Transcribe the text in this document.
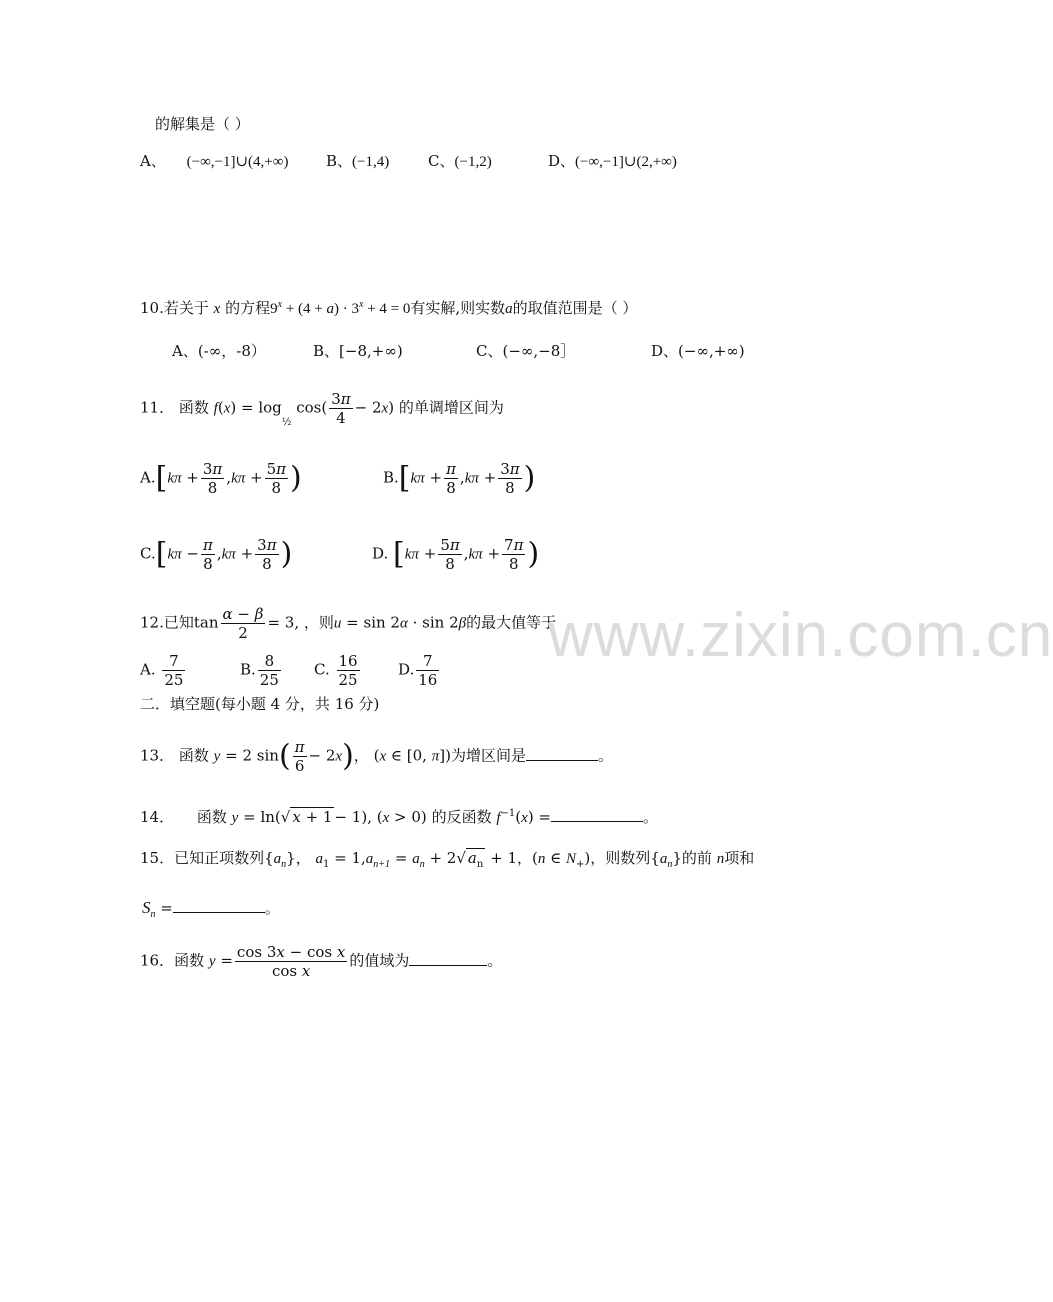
的解集是（ ）
A、 (−∞,−1]∪(4,+∞)	B、(−1,4)	C、(−1,2)	D、(−∞,−1]∪(2,+∞)
10.若关于 x 的方程$9^x + (4 + a) \cdot 3^x + 4 = 0$有实解,则实数a的取值范围是（ ）
A、(-∞，-8）	B、[−8,+∞)	C、(−∞,−8］	D、(−∞,+∞)
11． 函数 $f(x) = \log_{\frac{1}{2}} \cos( \frac{3\pi}{4} - 2x)$ 的单调增区间为
$A.[k\pi + \frac{3\pi}{8} ,k\pi + \frac{5\pi}{8}$ )	$B.[k\pi + \frac{\pi}{8} ,k\pi + \frac{3\pi}{8}$ )
$C.[k\pi - \frac{\pi}{8} ,k\pi + \frac{3\pi}{8}$ )	D. [$k\pi + \frac{5\pi}{8} ,k\pi + \frac{7\pi}{8}$ )
12.已知$\tan \frac{\alpha - \beta}{2} = 3$, ，则u = sin 2α · sin 2β的最大值等于
A. $\frac{7}{25}$	B. $\frac{8}{25} C$. $\frac{16}{25}$	D. $\frac{7}{16}$
二．填空题(每小题 4 分，共 16 分)
13． 函数 y = 2 $\sin( \frac{\pi}{6} - 2x)$， (x ∈ [0, π])为增区间是	。
14． 函数 y = ln(√ x + 1 − 1), (x > 0) 的反函数 $f^{-1}(x)$ =	。
15．已知正项数列$\{a_n\}$， $a_1 = 1,a_{n+1} = a_n + 2√$ $a_n + 1$，(n ∈ $N_+$)，则数列$\{a_n\}$的前 n项和
$S_n$ =	。
16．函数 $y = \frac{\text{cos 3x − cos x}}{\text{cos x}}$ 的值域为	。
www.zixin.com.cn
